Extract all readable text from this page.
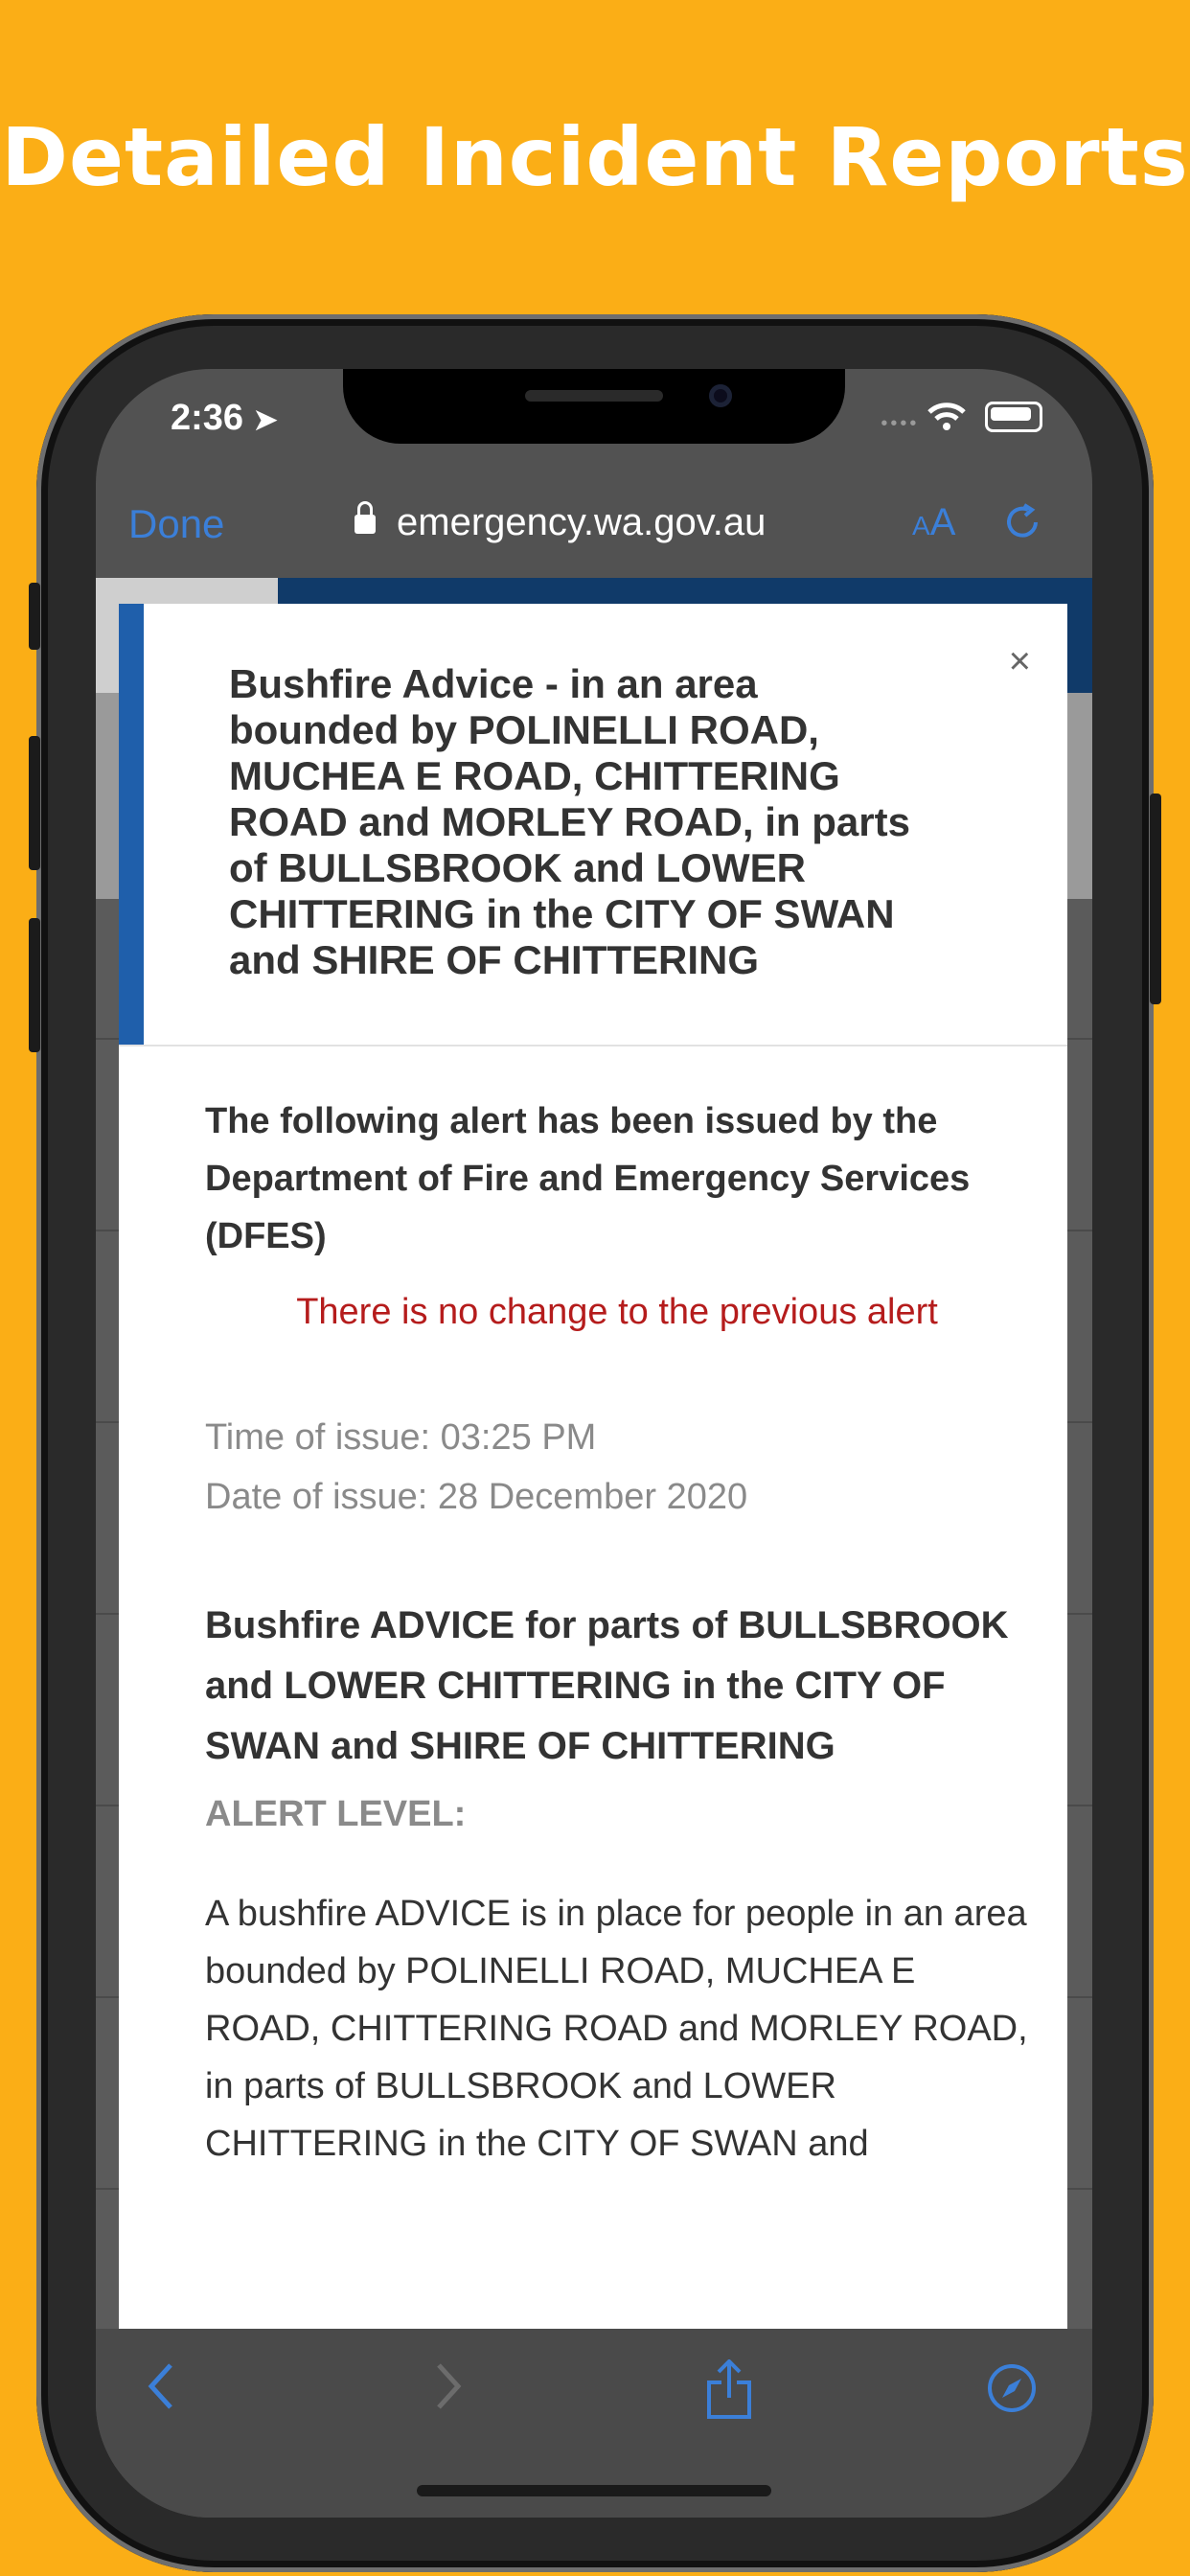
Detailed Incident Reports
2:36 ➤	••••
Done	emergency.wa.gov.au	AA
Bushfire Advice - in an area bounded by POLINELLI ROAD, MUCHEA E ROAD, CHITTERING ROAD and MORLEY ROAD, in parts of BULLSBROOK and LOWER CHITTERING in the CITY OF SWAN and SHIRE OF CHITTERING
×

The following alert has been issued by the Department of Fire and Emergency Services (DFES)

There is no change to the previous alert

Time of issue: 03:25 PM
Date of issue: 28 December 2020
Bushfire ADVICE for parts of BULLSBROOK and LOWER CHITTERING in the CITY OF SWAN and SHIRE OF CHITTERING
ALERT LEVEL:
A bushfire ADVICE is in place for people in an area bounded by POLINELLI ROAD, MUCHEA E ROAD, CHITTERING ROAD and MORLEY ROAD, in parts of BULLSBROOK and LOWER CHITTERING in the CITY OF SWAN and
